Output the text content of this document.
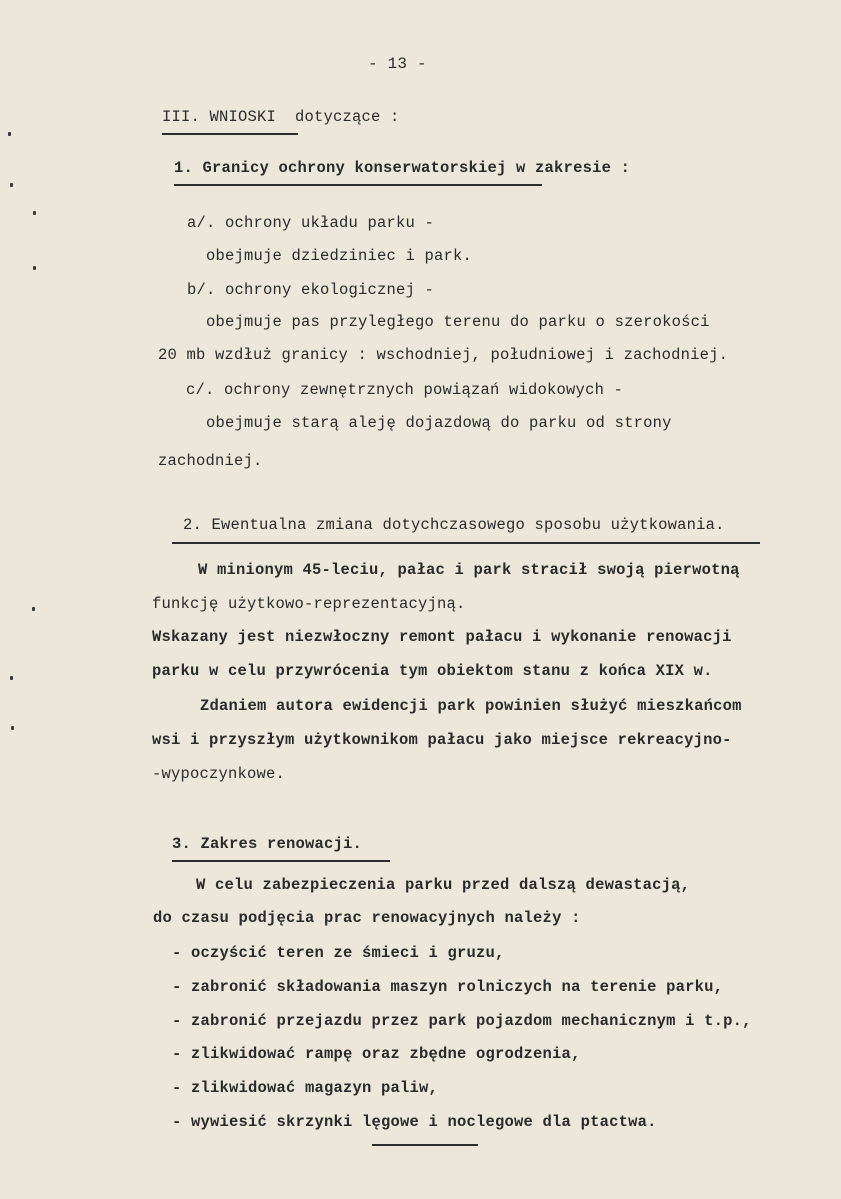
- 13 -
III. WNIOSKI dotyczące :
1. Granicy ochrony konserwatorskiej w zakresie :
a/. ochrony układu parku -
obejmuje dziedziniec i park.
b/. ochrony ekologicznej -
obejmuje pas przyległego terenu do parku o szerokości
20 mb wzdłuż granicy : wschodniej, południowej i zachodniej.
c/. ochrony zewnętrznych powiązań widokowych -
obejmuje starą aleję dojazdową do parku od strony
zachodniej.
2. Ewentualna zmiana dotychczasowego sposobu użytkowania.
W minionym 45-leciu, pałac i park stracił swoją pierwotną
funkcję użytkowo-reprezentacyjną.
Wskazany jest niezwłoczny remont pałacu i wykonanie renowacji
parku w celu przywrócenia tym obiektom stanu z końca XIX w.
Zdaniem autora ewidencji park powinien służyć mieszkańcom
wsi i przyszłym użytkownikom pałacu jako miejsce rekreacyjno-
-wypoczynkowe.
3. Zakres renowacji.
W celu zabezpieczenia parku przed dalszą dewastacją,
do czasu podjęcia prac renowacyjnych należy :
- oczyścić teren ze śmieci i gruzu,
- zabronić składowania maszyn rolniczych na terenie parku,
- zabronić przejazdu przez park pojazdom mechanicznym i t.p.,
- zlikwidować rampę oraz zbędne ogrodzenia,
- zlikwidować magazyn paliw,
- wywiesić skrzynki lęgowe i noclegowe dla ptactwa.
